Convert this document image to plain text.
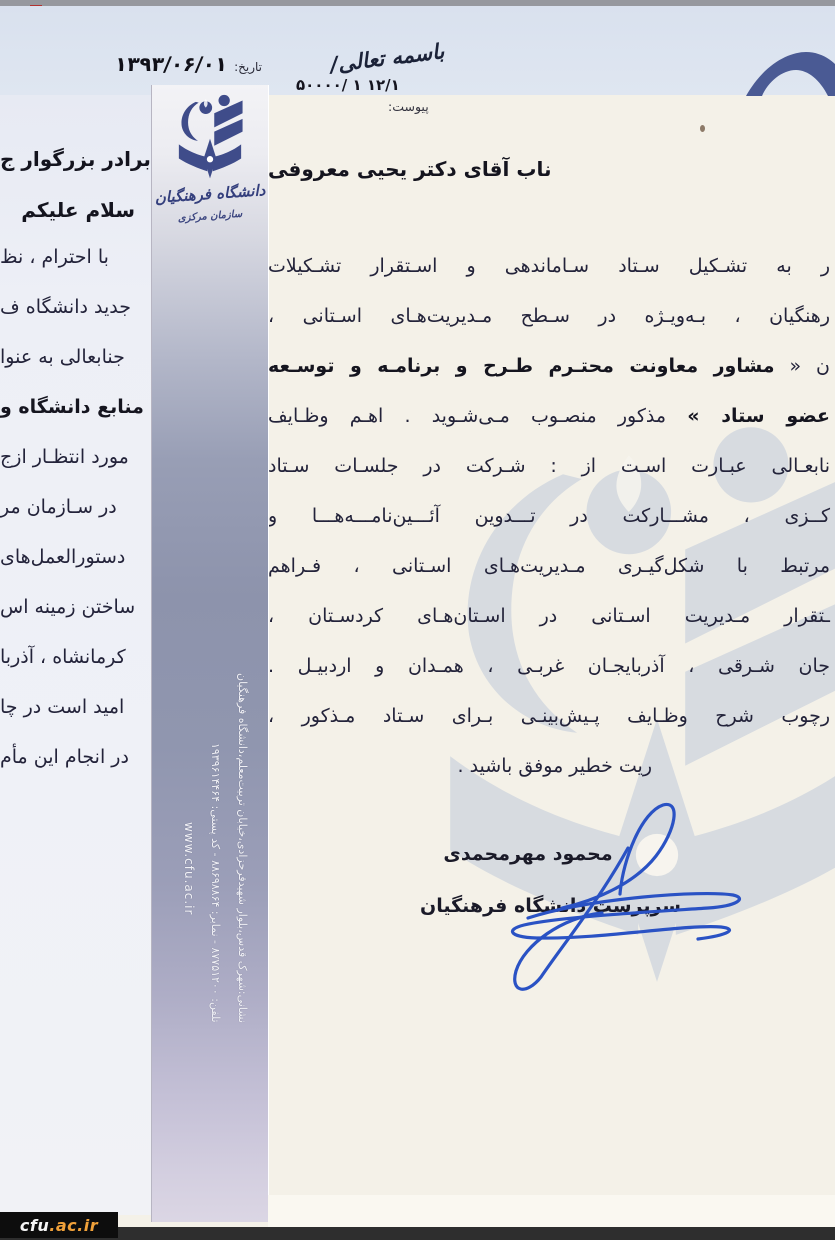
تاریخ:
۱۳۹۳/۰۶/۰۱	باسمه تعالی/
۵۰۰۰۰/ ۱ ۱۲/۱
پیوست:
برادر بزرگوار ج
سلام علیکم
ناب آقای دکتر یحیی معروفی
ر به تشـکیل سـتاد سـاماندهی و اسـتقرار تشـکیلات
رهنگیان ، بـه‌ویـژه در سـطح مـدیریت‌هـای اسـتانی ،
ن « مشاور معاونت محتـرم طـرح و برنامـه و توسـعه
عضو ستاد » مذکور منصـوب مـی‌شـوید . اهـم وظـایف
نابعـالی عبـارت اسـت از : شـرکت در جلسـات سـتاد
کــزی ، مشـــارکت در تـــدوین آئـــین‌نامـــه‌هـــا و
مرتبط با شکل‌گیـری مـدیریت‌هـای اسـتانی ، فـراهم
ـتقرار مـدیریت اسـتانی در اسـتان‌هـای کردسـتان ،
جان شـرقی ، آذربایجـان غربـی ، همـدان و اردبیـل .
رچوب شرح وظـایف پـیش‌بینـی بـرای سـتاد مـذکور ،
ریت خطیر موفق باشید .
با احترام ، نظ
جدید دانشگاه ف
جنابعالی به عنوا
منابع دانشگاه و
مورد انتظـار ازج
در سـازمان مر
دستورالعمل‌های
ساختن زمینه اس
کرمانشاه ، آذربا
امید است در چا
در انجام این مأم
محمود مهرمحمدی
سرپرست دانشگاه فرهنگیان
دانشگاه فرهنگیان
سازمان مرکزی
نشانی:شهرک قدس،بلوار شهیدفرحزادی،خیابان تربیت‌معلم،دانشگاه فرهنگیان
تلفن: ۸۷۷۵۱۲۰۰ - نمابر: ۸۸۶۹۸۸۶۴ - کد پستی: ۱۹۳۹۶۱۴۴۶۴
www.cfu.ac.ir
cfu .ac.ir
